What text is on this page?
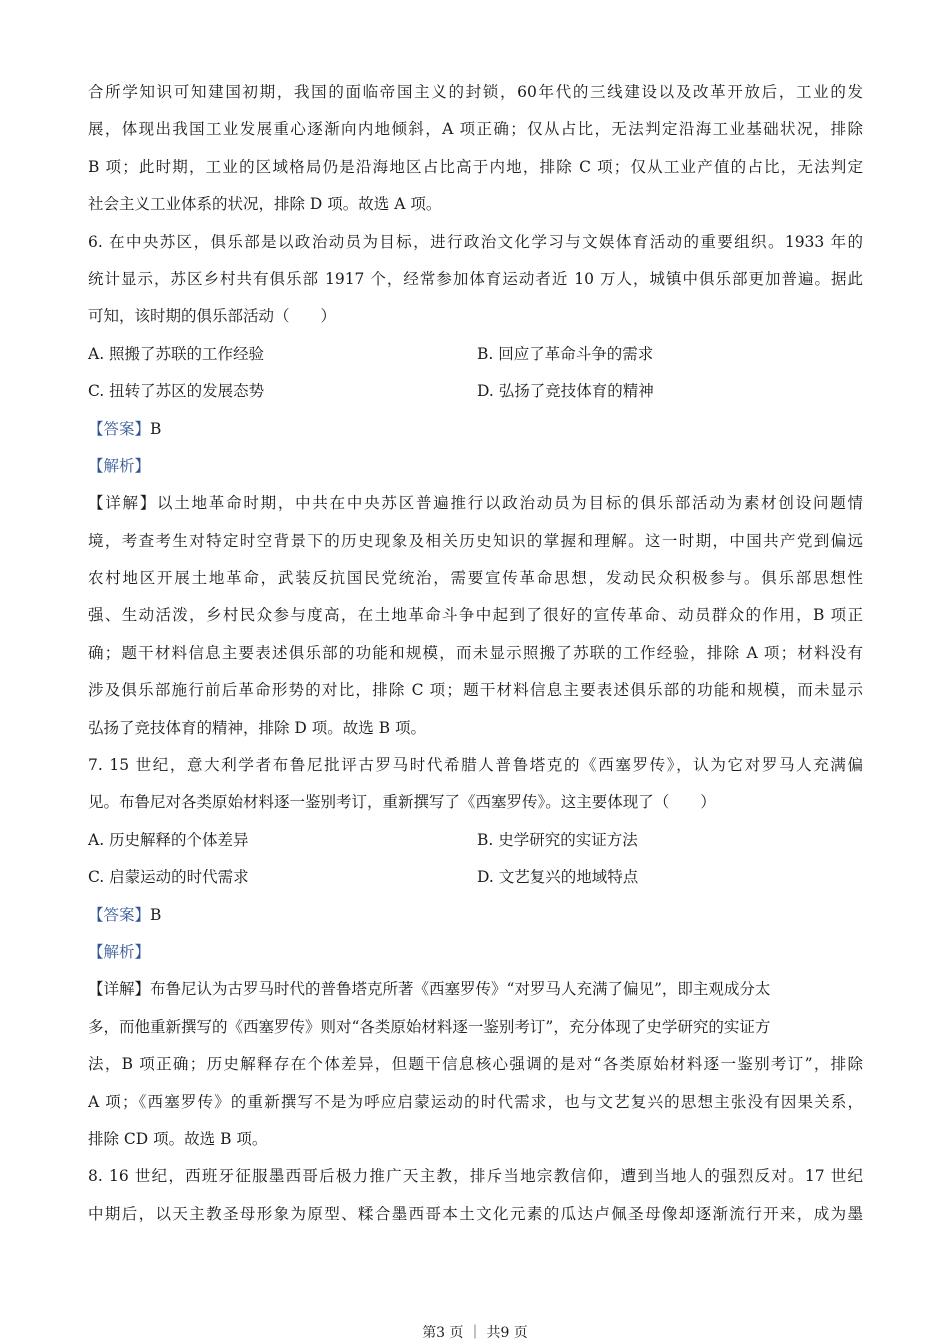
合所学知识可知建国初期，我国的面临帝国主义的封锁，60年代的三线建设以及改革开放后，工业的发
展，体现出我国工业发展重心逐渐向内地倾斜，A 项正确；仅从占比，无法判定沿海工业基础状况，排除
B 项；此时期，工业的区域格局仍是沿海地区占比高于内地，排除 C 项；仅从工业产值的占比，无法判定
社会主义工业体系的状况，排除 D 项。故选 A 项。
6. 在中央苏区，俱乐部是以政治动员为目标，进行政治文化学习与文娱体育活动的重要组织。1933 年的
统计显示，苏区乡村共有俱乐部 1917 个，经常参加体育运动者近 10 万人，城镇中俱乐部更加普遍。据此
可知，该时期的俱乐部活动（　　）
A. 照搬了苏联的工作经验	B. 回应了革命斗争的需求
C. 扭转了苏区的发展态势	D. 弘扬了竞技体育的精神
【答案】B
【解析】
【详解】以土地革命时期，中共在中央苏区普遍推行以政治动员为目标的俱乐部活动为素材创设问题情
境，考查考生对特定时空背景下的历史现象及相关历史知识的掌握和理解。这一时期，中国共产党到偏远
农村地区开展土地革命，武装反抗国民党统治，需要宣传革命思想，发动民众积极参与。俱乐部思想性
强、生动活泼，乡村民众参与度高，在土地革命斗争中起到了很好的宣传革命、动员群众的作用，B 项正
确；题干材料信息主要表述俱乐部的功能和规模，而未显示照搬了苏联的工作经验，排除 A 项；材料没有
涉及俱乐部施行前后革命形势的对比，排除 C 项；题干材料信息主要表述俱乐部的功能和规模，而未显示
弘扬了竞技体育的精神，排除 D 项。故选 B 项。
7. 15 世纪，意大利学者布鲁尼批评古罗马时代希腊人普鲁塔克的《西塞罗传》，认为它对罗马人充满偏
见。布鲁尼对各类原始材料逐一鉴别考订，重新撰写了《西塞罗传》。这主要体现了（　　）
A. 历史解释的个体差异	B. 史学研究的实证方法
C. 启蒙运动的时代需求	D. 文艺复兴的地域特点
【答案】B
【解析】
【详解】布鲁尼认为古罗马时代的普鲁塔克所著《西塞罗传》“对罗马人充满了偏见”，即主观成分太
多，而他重新撰写的《西塞罗传》则对“各类原始材料逐一鉴别考订”，充分体现了史学研究的实证方
法，B 项正确；历史解释存在个体差异，但题干信息核心强调的是对“各类原始材料逐一鉴别考订”，排除
A 项；《西塞罗传》的重新撰写不是为呼应启蒙运动的时代需求，也与文艺复兴的思想主张没有因果关系，
排除 CD 项。故选 B 项。
8. 16 世纪，西班牙征服墨西哥后极力推广天主教，排斥当地宗教信仰，遭到当地人的强烈反对。17 世纪
中期后，以天主教圣母形象为原型、糅合墨西哥本土文化元素的瓜达卢佩圣母像却逐渐流行开来，成为墨
第3 页 ｜ 共9 页
